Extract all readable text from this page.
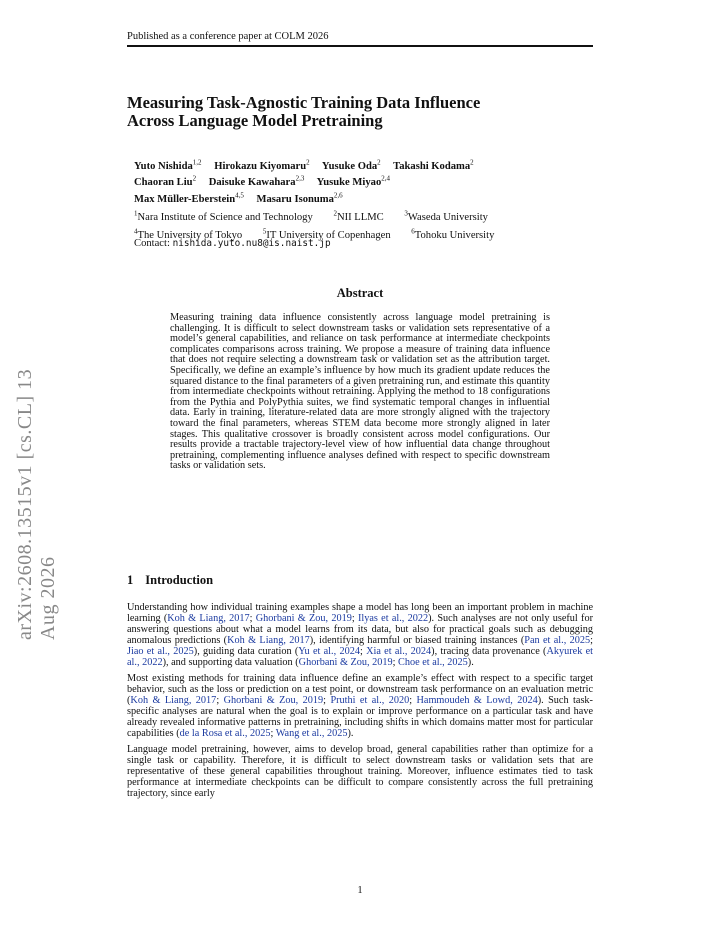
Published as a conference paper at COLM 2026
arXiv:2608.13515v1 [cs.CL] 13 Aug 2026
Measuring Task-Agnostic Training Data Influence
Across Language Model Pretraining
Yuto Nishida$^{1,2}$ Hirokazu Kiyomaru$^2$ Yusuke Oda$^2$ Takashi Kodama$^2$
Chaoran Liu$^2$ Daisuke Kawahara$^{2,3}$ Yusuke Miyao$^{2,4}$
Max Müller-Eberstein$^{4,5}$ Masaru Isonuma$^{2,6}$
$^1$Nara Institute of Science and Technology	$^2$NII LLMC	$^3$Waseda University
$^4$The University of Tokyo	$^5$IT University of Copenhagen	$^6$Tohoku University
Contact: nishida.yuto.nu8@is.naist.jp
Abstract
Measuring training data influence consistently across language model pretraining is challenging. It is difficult to select downstream tasks or validation sets representative of a model’s general capabilities, and reliance on task performance at intermediate checkpoints complicates comparisons across training. We propose a measure of training data influence that does not require selecting a downstream task or validation set as the attribution target. Specifically, we define an example’s influence by how much its gradient update reduces the squared distance to the final parameters of a given pretraining run, and estimate this quantity from intermediate checkpoints without retraining. Applying the method to 18 configurations from the Pythia and PolyPythia suites, we find systematic temporal changes in influential data. Early in training, literature-related data are more strongly aligned with the trajectory toward the final parameters, whereas STEM data become more strongly aligned in later stages. This qualitative crossover is broadly consistent across model configurations. Our results provide a tractable trajectory-level view of how influential data change throughout pretraining, complementing influence analyses defined with respect to specific downstream tasks or validation sets.
1 Introduction
Understanding how individual training examples shape a model has long been an important problem in machine learning (Koh & Liang, 2017; Ghorbani & Zou, 2019; Ilyas et al., 2022). Such analyses are not only useful for answering questions about what a model learns from its data, but also for practical goals such as debugging anomalous predictions (Koh & Liang, 2017), identifying harmful or biased training instances (Pan et al., 2025; Jiao et al., 2025), guiding data curation (Yu et al., 2024; Xia et al., 2024), tracing data provenance (Akyurek et al., 2022), and supporting data valuation (Ghorbani & Zou, 2019; Choe et al., 2025).
Most existing methods for training data influence define an example’s effect with respect to a specific target behavior, such as the loss or prediction on a test point, or downstream task performance on an evaluation metric (Koh & Liang, 2017; Ghorbani & Zou, 2019; Pruthi et al., 2020; Hammoudeh & Lowd, 2024). Such task-specific analyses are natural when the goal is to explain or improve performance on a particular task and have already revealed informative patterns in pretraining, including shifts in which domains matter most for particular capabilities (de la Rosa et al., 2025; Wang et al., 2025).
Language model pretraining, however, aims to develop broad, general capabilities rather than optimize for a single task or capability. Therefore, it is difficult to select downstream tasks or validation sets that are representative of these general capabilities throughout training. Moreover, influence estimates tied to task performance at intermediate checkpoints can be difficult to compare consistently across the full pretraining trajectory, since early
1
